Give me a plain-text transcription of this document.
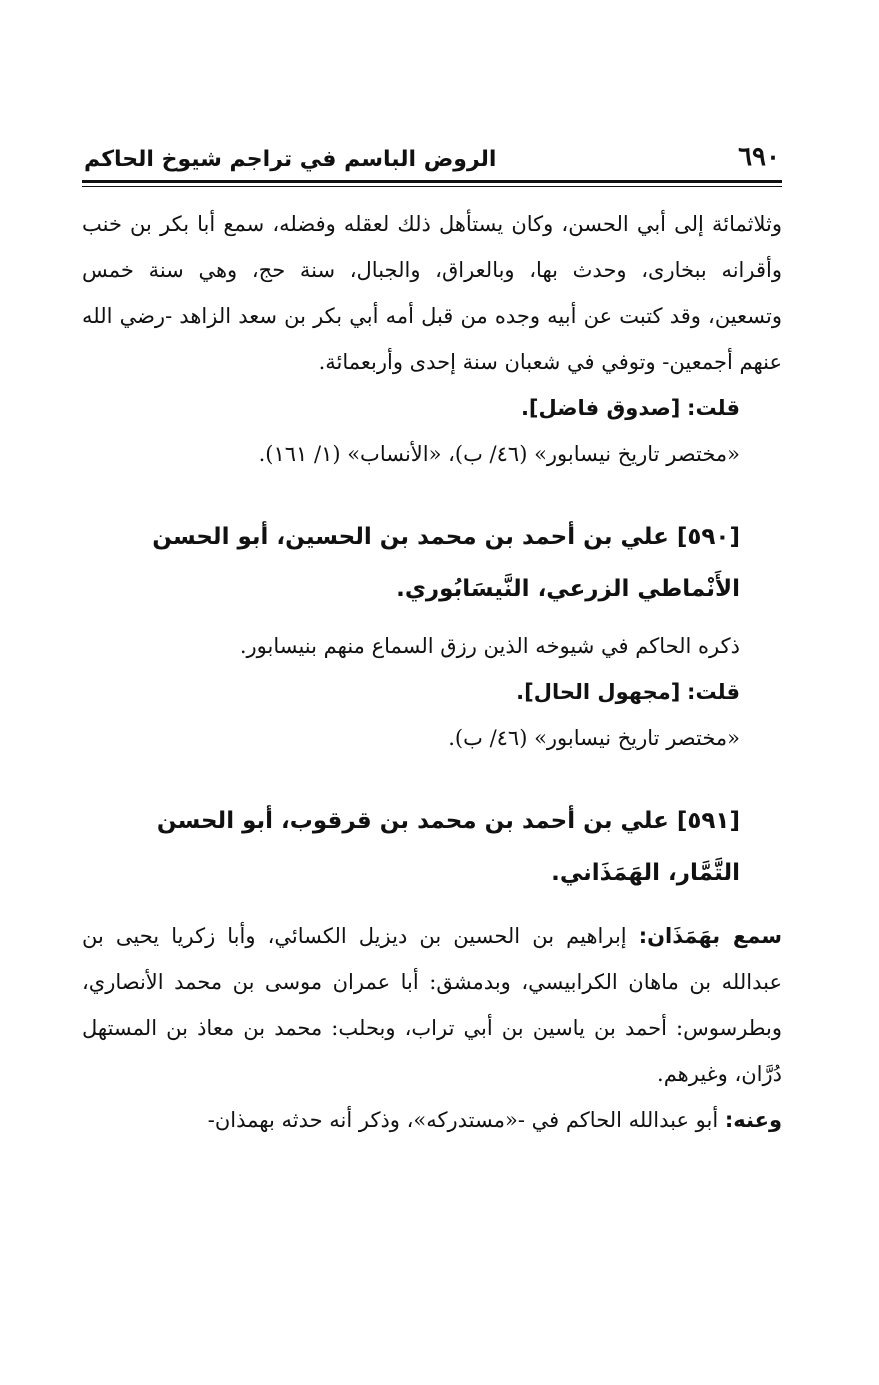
٦٩٠
الروض الباسم في تراجم شيوخ الحاكم

وثلاثمائة إلى أبي الحسن، وكان يستأهل ذلك لعقله وفضله، سمع أبا بكر بن خنب وأقرانه ببخارى، وحدث بها، وبالعراق، والجبال، سنة حج، وهي سنة خمس وتسعين، وقد كتبت عن أبيه وجده من قبل أمه أبي بكر بن سعد الزاهد -رضي الله عنهم أجمعين- وتوفي في شعبان سنة إحدى وأربعمائة.

قلت: [صدوق فاضل].

«مختصر تاريخ نيسابور» (٤٦/ ب)، «الأنساب» (١/ ١٦١).

[٥٩٠] علي بن أحمد بن محمد بن الحسين، أبو الحسن الأَنْماطي الزرعي، النَّيسَابُوري.

ذكره الحاكم في شيوخه الذين رزق السماع منهم بنيسابور.

قلت: [مجهول الحال].

«مختصر تاريخ نيسابور» (٤٦/ ب).

[٥٩١] علي بن أحمد بن محمد بن قرقوب، أبو الحسن التَّمَّار، الهَمَذَاني.

سمع بهَمَذَان: إبراهيم بن الحسين بن ديزيل الكسائي، وأبا زكريا يحيى بن عبدالله بن ماهان الكرابيسي، وبدمشق: أبا عمران موسى بن محمد الأنصاري، وبطرسوس: أحمد بن ياسين بن أبي تراب، وبحلب: محمد بن معاذ بن المستهل دُرَّان، وغيرهم.

وعنه: أبو عبدالله الحاكم في -«مستدركه»، وذكر أنه حدثه بهمذان-
